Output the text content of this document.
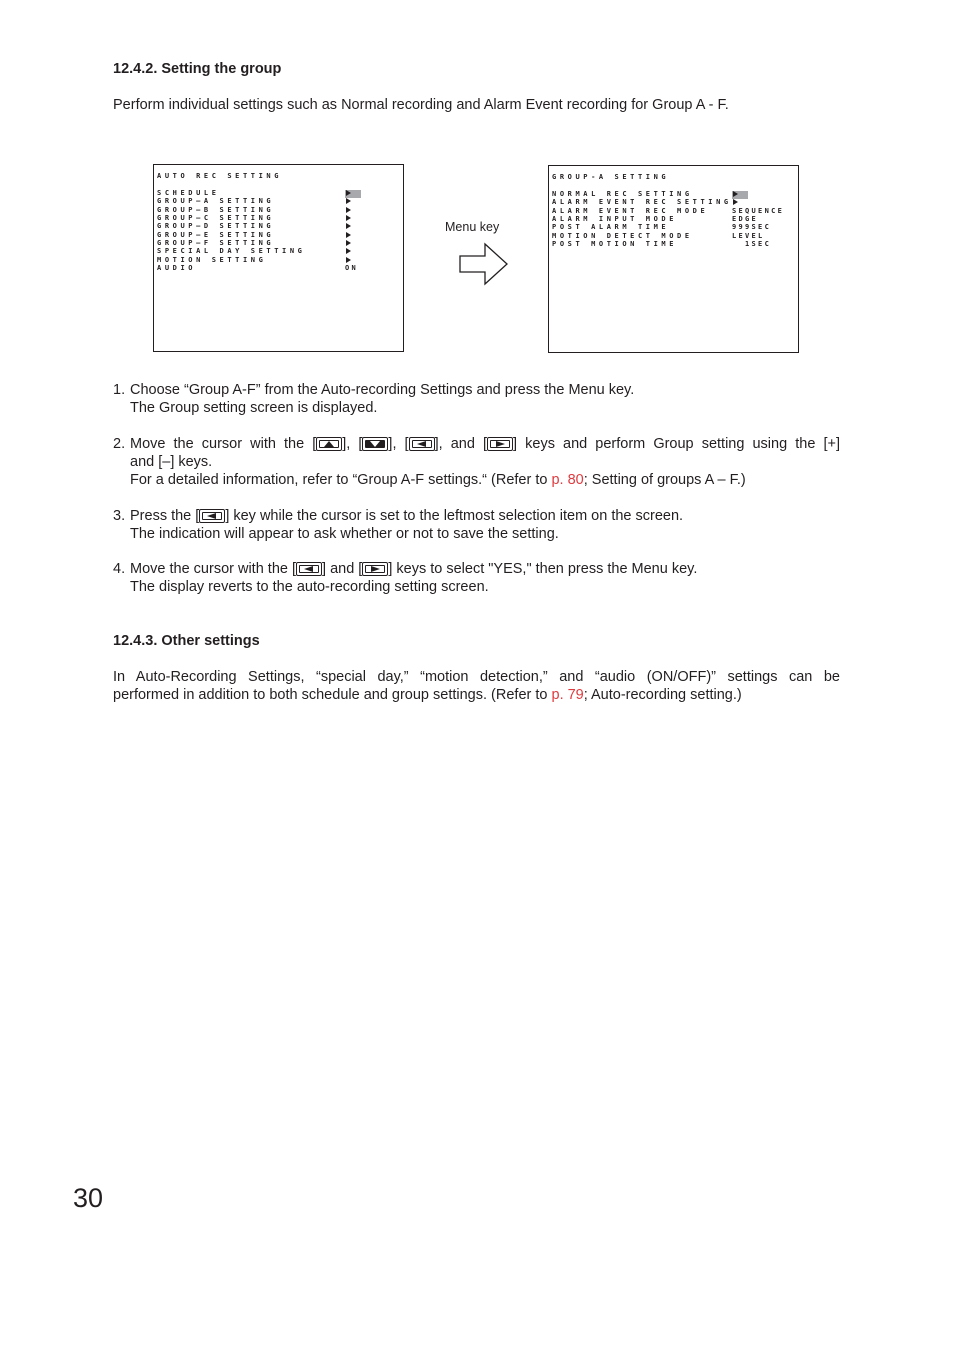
12.4.2. Setting the group
Perform individual settings such as Normal recording and Alarm Event recording for Group A - F.
AUTO REC SETTING
SCHEDULE
GROUP–A SETTING
GROUP–B SETTING
GROUP–C SETTING
GROUP–D SETTING
GROUP–E SETTING
GROUP–F SETTING
SPECIAL DAY SETTING
MOTION SETTING
AUDIO	ON
Menu key
GROUP-A SETTING
NORMAL REC SETTING
ALARM EVENT REC SETTING
ALARM EVENT REC MODE	SEQUENCE
ALARM INPUT MODE	EDGE
POST ALARM TIME	999SEC
MOTION DETECT MODE	LEVEL
POST MOTION TIME	1SEC
1. Choose “Group A-F” from the Auto-recording Settings and press the Menu key.
The Group setting screen is displayed.
2. Move the cursor with the [ ], [ ], [ ], and [ ] keys and perform Group setting using the [+]
and [–] keys.
For a detailed information, refer to “Group A-F settings.“ (Refer to p. 80; Setting of groups A – F.)
3. Press the [ ] key while the cursor is set to the leftmost selection item on the screen.
The indication will appear to ask whether or not to save the setting.
4. Move the cursor with the [ ] and [ ] keys to select "YES," then press the Menu key.
The display reverts to the auto-recording setting screen.
12.4.3. Other settings
In Auto-Recording Settings, “special day,” “motion detection,” and “audio (ON/OFF)” settings can be
performed in addition to both schedule and group settings. (Refer to p. 79; Auto-recording setting.)
30
